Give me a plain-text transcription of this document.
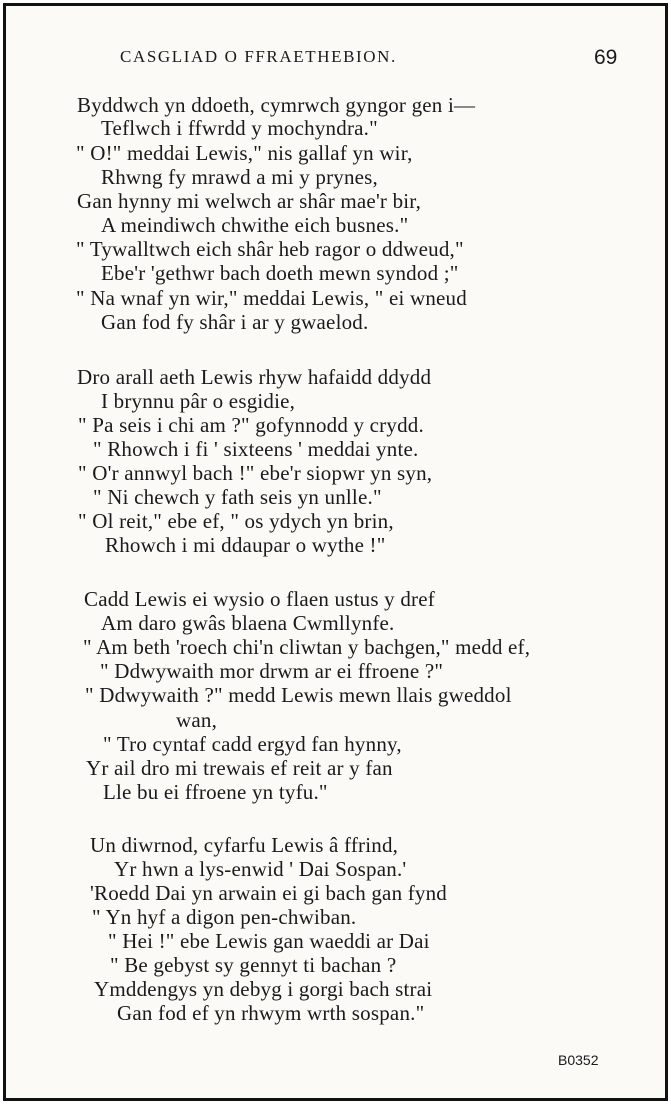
CASGLIAD O FFRAETHEBION.	69
Byddwch yn ddoeth, cymrwch gyngor gen i—
Teflwch i ffwrdd y mochyndra."
" O!" meddai Lewis," nis gallaf yn wir,
Rhwng fy mrawd a mi y prynes,
Gan hynny mi welwch ar shâr mae'r bir,
A meindiwch chwithe eich busnes."
" Tywalltwch eich shâr heb ragor o ddweud,"
Ebe'r 'gethwr bach doeth mewn syndod ;"
" Na wnaf yn wir," meddai Lewis, " ei wneud
Gan fod fy shâr i ar y gwaelod.
Dro arall aeth Lewis rhyw hafaidd ddydd
I brynnu pâr o esgidie,
" Pa seis i chi am ?" gofynnodd y crydd.
" Rhowch i fi ' sixteens ' meddai ynte.
" O'r annwyl bach !" ebe'r siopwr yn syn,
" Ni chewch y fath seis yn unlle."
" Ol reit," ebe ef, " os ydych yn brin,
Rhowch i mi ddaupar o wythe !"
Cadd Lewis ei wysio o flaen ustus y dref
Am daro gwâs blaena Cwmllynfe.
" Am beth 'roech chi'n cliwtan y bachgen," medd ef,
" Ddwywaith mor drwm ar ei ffroene ?"
" Ddwywaith ?" medd Lewis mewn llais gweddol
wan,
" Tro cyntaf cadd ergyd fan hynny,
Yr ail dro mi trewais ef reit ar y fan
Lle bu ei ffroene yn tyfu."
Un diwrnod, cyfarfu Lewis â ffrind,
Yr hwn a lys-enwid ' Dai Sospan.'
'Roedd Dai yn arwain ei gi bach gan fynd
" Yn hyf a digon pen-chwiban.
" Hei !" ebe Lewis gan waeddi ar Dai
" Be gebyst sy gennyt ti bachan ?
Ymddengys yn debyg i gorgi bach strai
Gan fod ef yn rhwym wrth sospan."
B0352
